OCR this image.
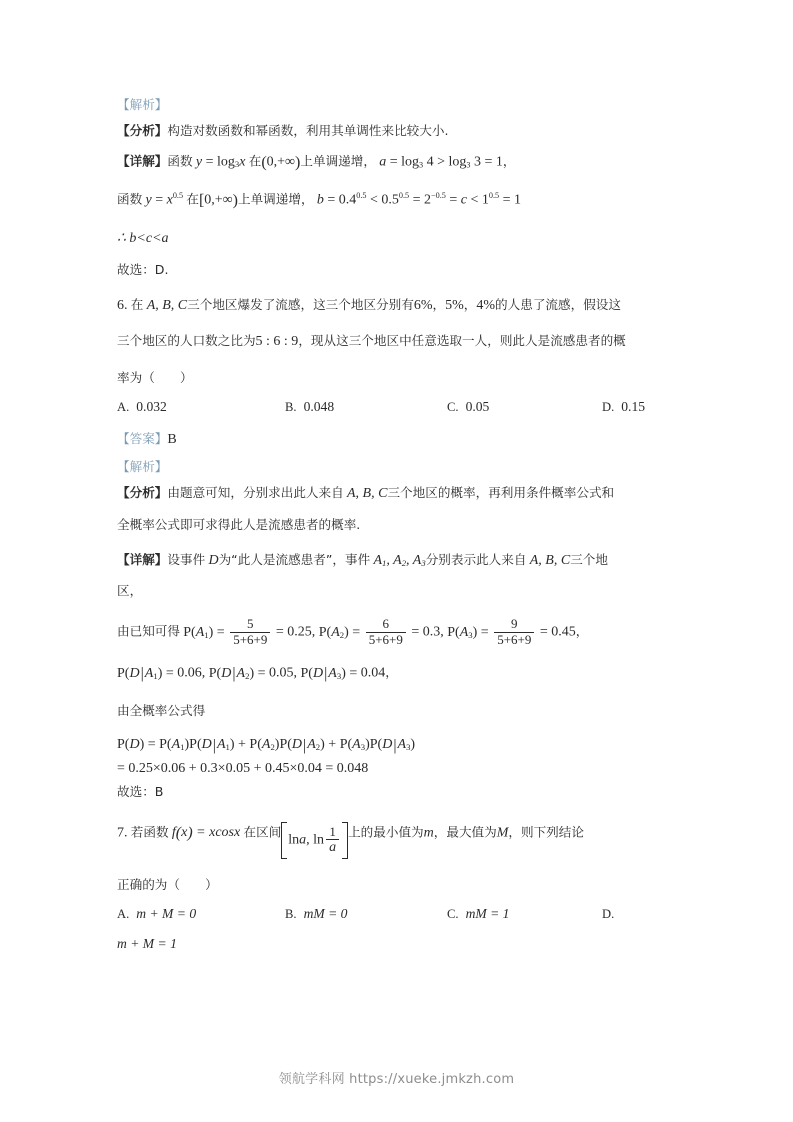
【解析】

【分析】构造对数函数和幂函数，利用其单调性来比较大小.

【详解】函数 $y = \log_3x$ 在(0,+∞)上单调递增， $a = \log_3 4 > \log_3 3 = 1$，

函数 $y = x^{0.5}$ 在[0,+∞)上单调递增， $b = 0.4^{0.5} < 0.5^{0.5} = 2^{-0.5} = c < 1^{0.5} = 1$

∴ b<c<a

故选：D.

6. 在 A, B, C三个地区爆发了流感，这三个地区分别有6%，5%，4%的人患了流感，假设这

三个地区的人口数之比为5 : 6 : 9，现从这三个地区中任意选取一人，则此人是流感患者的概

率为（　　）

A. 0.032	B. 0.048	C. 0.05	D. 0.15

【答案】B

【解析】

【分析】由题意可知，分别求出此人来自 A, B, C三个地区的概率，再利用条件概率公式和

全概率公式即可求得此人是流感患者的概率.

【详解】设事件 D为“此人是流感患者”，事件 $A_1$, $A_2$, $A_3$分别表示此人来自 A, B, C三个地

区，

由已知可得 $P(A_1) = \frac{5}{5+6+9} = 0.25$, $P(A_2) = \frac{6}{5+6+9} = 0.3$, $P(A_3) = \frac{9}{5+6+9} = 0.45$，

$P(D|A_1) = 0.06$, $P(D|A_2) = 0.05$, $P(D|A_3) = 0.04$，

由全概率公式得

$P(D) = P(A_1)P(D|A_1) + P(A_2)P(D|A_2) + P(A_3)P(D|A_3)$

= 0.25×0.06 + 0.3×0.05 + 0.45×0.04 = 0.048

故选：B

7. 若函数 f(x) = xcosx 在区间lna, $\ln \frac{1}{a}$ 上的最小值为m，最大值为M，则下列结论

正确的为（　　）

A. m + M = 0	B. mM = 0	C. mM = 1	D.

m + M = 1

领航学科网 https://xueke.jmkzh.com
